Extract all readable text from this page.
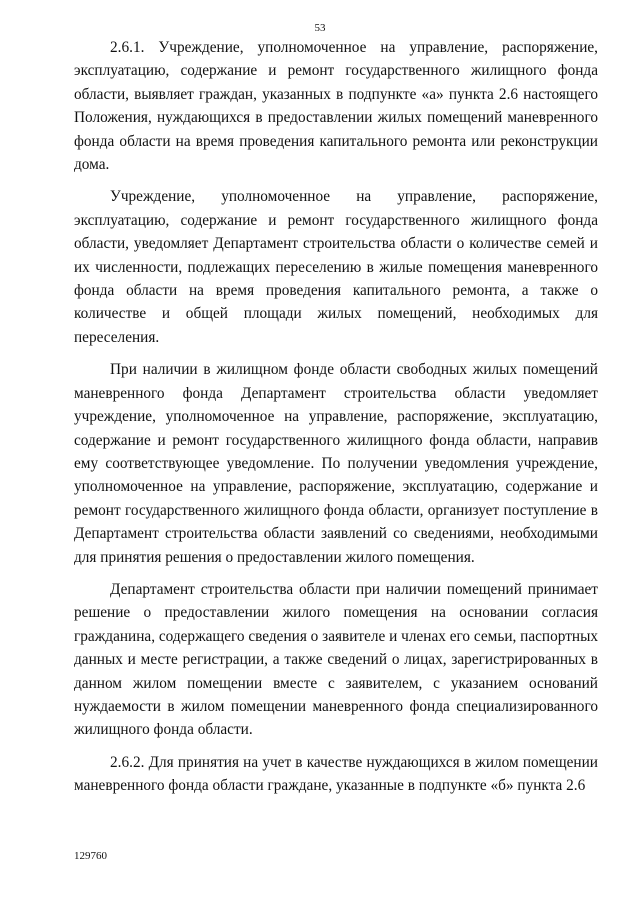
53

2.6.1. Учреждение, уполномоченное на управление, распоряжение, эксплуатацию, содержание и ремонт государственного жилищного фонда области, выявляет граждан, указанных в подпункте «а» пункта 2.6 настоящего Положения, нуждающихся в предоставлении жилых помещений маневренного фонда области на время проведения капитального ремонта или реконструкции дома.

Учреждение, уполномоченное на управление, распоряжение, эксплуатацию, содержание и ремонт государственного жилищного фонда области, уведомляет Департамент строительства области о количестве семей и их численности, подлежащих переселению в жилые помещения маневренного фонда области на время проведения капитального ремонта, а также о количестве и общей площади жилых помещений, необходимых для переселения.

При наличии в жилищном фонде области свободных жилых помещений маневренного фонда Департамент строительства области уведомляет учреждение, уполномоченное на управление, распоряжение, эксплуатацию, содержание и ремонт государственного жилищного фонда области, направив ему соответствующее уведомление. По получении уведомления учреждение, уполномоченное на управление, распоряжение, эксплуатацию, содержание и ремонт государственного жилищного фонда области, организует поступление в Департамент строительства области заявлений со сведениями, необходимыми для принятия решения о предоставлении жилого помещения.

Департамент строительства области при наличии помещений принимает решение о предоставлении жилого помещения на основании согласия гражданина, содержащего сведения о заявителе и членах его семьи, паспортных данных и месте регистрации, а также сведений о лицах, зарегистрированных в данном жилом помещении вместе с заявителем, с указанием оснований нуждаемости в жилом помещении маневренного фонда специализированного жилищного фонда области.

2.6.2. Для принятия на учет в качестве нуждающихся в жилом помещении маневренного фонда области граждане, указанные в подпункте «б» пункта 2.6

129760
